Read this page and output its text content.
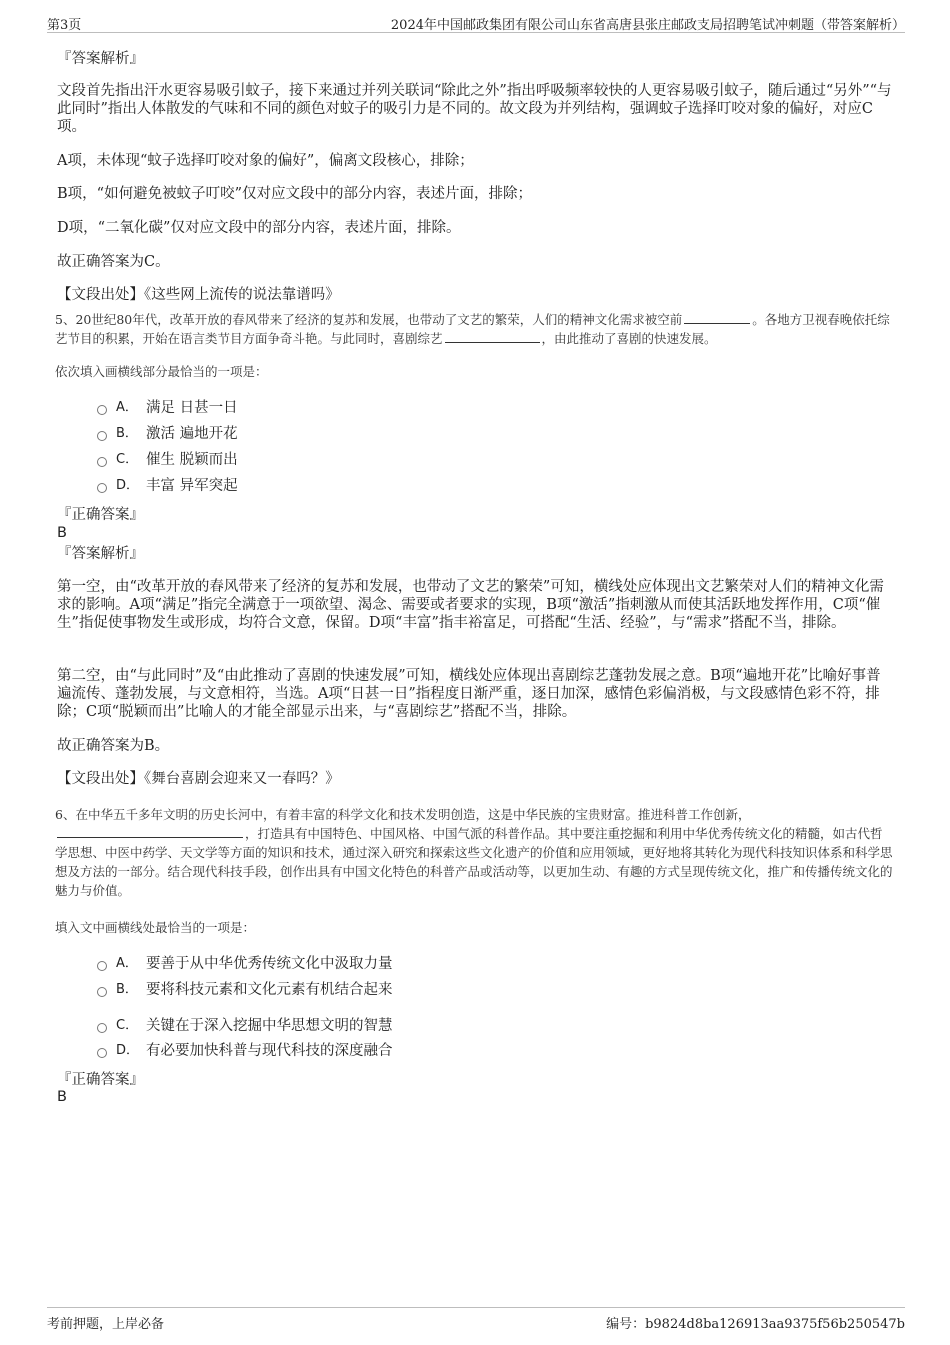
第3页	2024年中国邮政集团有限公司山东省高唐县张庄邮政支局招聘笔试冲刺题（带答案解析）
『答案解析』

文段首先指出汗水更容易吸引蚊子，接下来通过并列关联词“除此之外”指出呼吸频率较快的人更容易吸引蚊子，随后通过“另外”“与此同时”指出人体散发的气味和不同的颜色对蚊子的吸引力是不同的。故文段为并列结构，强调蚊子选择叮咬对象的偏好，对应C项。

A项，未体现“蚊子选择叮咬对象的偏好”，偏离文段核心，排除；

B项，“如何避免被蚊子叮咬”仅对应文段中的部分内容，表述片面，排除；

D项，“二氧化碳”仅对应文段中的部分内容，表述片面，排除。

故正确答案为C。

【文段出处】《这些网上流传的说法靠谱吗》

5、20世纪80年代，改革开放的春风带来了经济的复苏和发展，也带动了文艺的繁荣，人们的精神文化需求被空前	。各地方卫视春晚依托综艺节目的积累，开始在语言类节目方面争奇斗艳。与此同时，喜剧综艺	，由此推动了喜剧的快速发展。

依次填入画横线部分最恰当的一项是：

A． 满足 日甚一日
B． 激活 遍地开花
C． 催生 脱颖而出
D． 丰富 异军突起
『正确答案』
B
『答案解析』

第一空，由“改革开放的春风带来了经济的复苏和发展，也带动了文艺的繁荣”可知，横线处应体现出文艺繁荣对人们的精神文化需求的影响。A项“满足”指完全满意于一项欲望、渴念、需要或者要求的实现，B项“激活”指刺激从而使其活跃地发挥作用，C项“催生”指促使事物发生或形成，均符合文意，保留。D项“丰富”指丰裕富足，可搭配“生活、经验”，与“需求”搭配不当，排除。

第二空，由“与此同时”及“由此推动了喜剧的快速发展”可知，横线处应体现出喜剧综艺蓬勃发展之意。B项“遍地开花”比喻好事普遍流传、蓬勃发展，与文意相符，当选。A项“日甚一日”指程度日渐严重，逐日加深，感情色彩偏消极，与文段感情色彩不符，排除；C项“脱颖而出”比喻人的才能全部显示出来，与“喜剧综艺”搭配不当，排除。

故正确答案为B。

【文段出处】《舞台喜剧会迎来又一春吗？》

6、在中华五千多年文明的历史长河中，有着丰富的科学文化和技术发明创造，这是中华民族的宝贵财富。推进科普工作创新，，打造具有中国特色、中国风格、中国气派的科普作品。其中要注重挖掘和利用中华优秀传统文化的精髓，如古代哲学思想、中医中药学、天文学等方面的知识和技术，通过深入研究和探索这些文化遗产的价值和应用领域，更好地将其转化为现代科技知识体系和科学思想及方法的一部分。结合现代科技手段，创作出具有中国文化特色的科普产品或活动等，以更加生动、有趣的方式呈现传统文化，推广和传播传统文化的魅力与价值。

填入文中画横线处最恰当的一项是：

A． 要善于从中华优秀传统文化中汲取力量
B． 要将科技元素和文化元素有机结合起来
C． 关键在于深入挖掘中华思想文明的智慧
D． 有必要加快科普与现代科技的深度融合
『正确答案』
B
考前押题，上岸必备	编号：b9824d8ba126913aa9375f56b250547b
